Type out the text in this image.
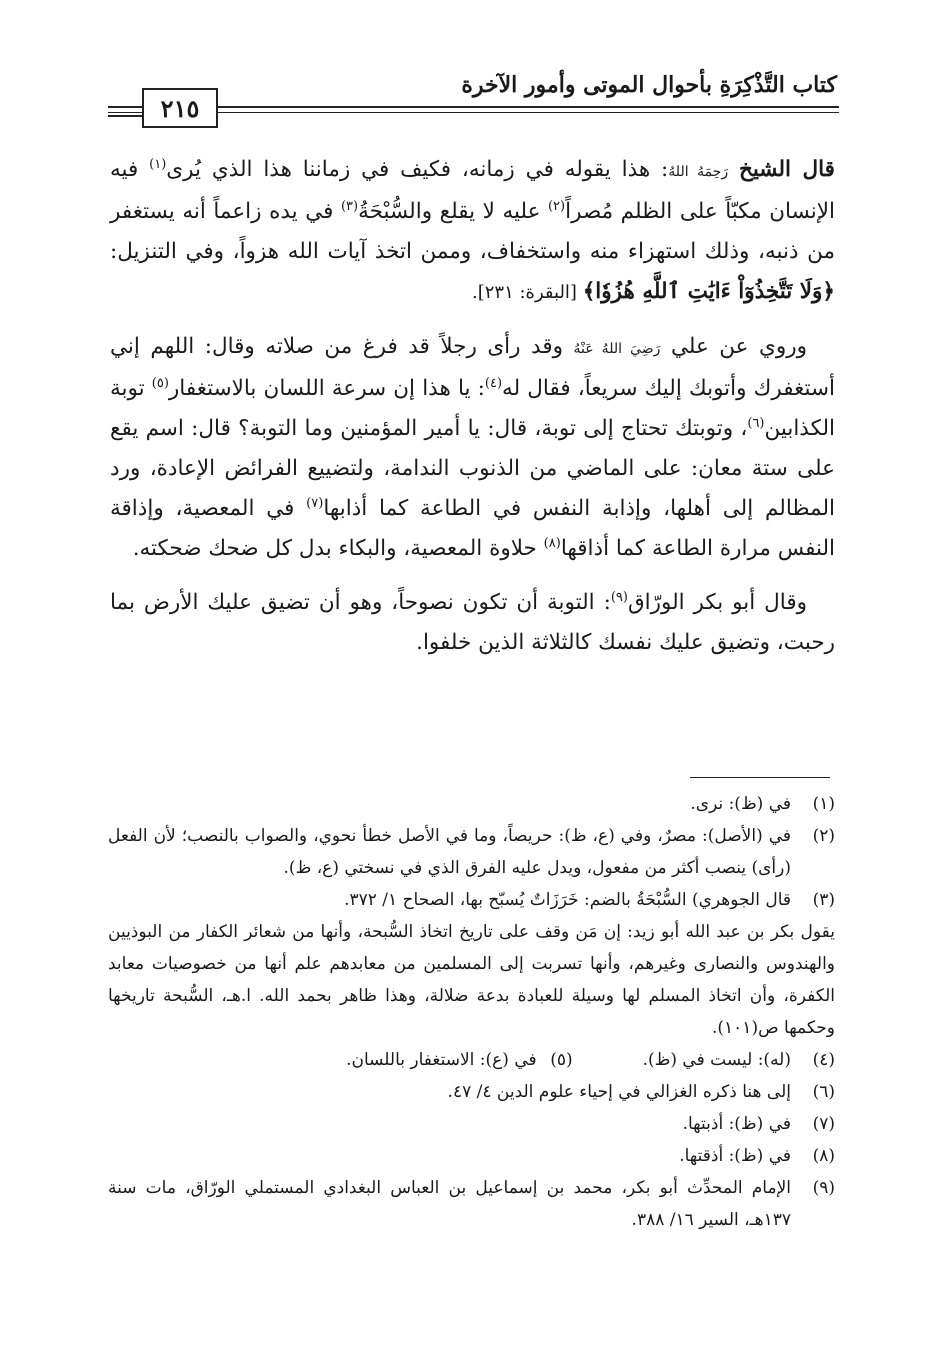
كتاب التَّذْكِرَةِ بأحوال الموتى وأمور الآخرة
٢١٥

قال الشيخ رَحِمَهُ اللهُ: هذا يقوله في زمانه، فكيف في زماننا هذا الذي يُرى$^{(١)}$ فيه الإنسان مكبّاً على الظلم مُصراً$^{(٢)}$ عليه لا يقلع والسُّبْحَةُ$^{(٣)}$ في يده زاعماً أنه يستغفر من ذنبه، وذلك استهزاء منه واستخفاف، وممن اتخذ آيات الله هزواً، وفي التنزيل: ﴿وَلَا تَتَّخِذُوٓاْ ءَايَٰتِ ٱللَّهِ هُزُوٗا﴾ [البقرة: ٢٣١].

وروي عن علي رَضِيَ اللهُ عَنْهُ وقد رأى رجلاً قد فرغ من صلاته وقال: اللهم إني أستغفرك وأتوبك إليك سريعاً، فقال له$^{(٤)}$: يا هذا إن سرعة اللسان بالاستغفار$^{(٥)}$ توبة الكذابين$^{(٦)}$، وتوبتك تحتاج إلى توبة، قال: يا أمير المؤمنين وما التوبة؟ قال: اسم يقع على ستة معان: على الماضي من الذنوب الندامة، ولتضييع الفرائض الإعادة، ورد المظالم إلى أهلها، وإذابة النفس في الطاعة كما أذابها$^{(٧)}$ في المعصية، وإذاقة النفس مرارة الطاعة كما أذاقها$^{(٨)}$ حلاوة المعصية، والبكاء بدل كل ضحك ضحكته.

وقال أبو بكر الورّاق$^{(٩)}$: التوبة أن تكون نصوحاً، وهو أن تضيق عليك الأرض بما رحبت، وتضيق عليك نفسك كالثلاثة الذين خلفوا.

(١)
في (ظ): نرى.
(٢)
في (الأصل): مصرٌ، وفي (ع، ظ): حريصاً، وما في الأصل خطأ نحوي، والصواب بالنصب؛ لأن الفعل (رأى) ينصب أكثر من مفعول، ويدل عليه الفرق الذي في نسختي (ع، ظ).
(٣)
قال الجوهري) السُّبْحَةُ بالضم: خَرَزَاتٌ يُسبّح بها، الصحاح ١/ ٣٧٢.

يقول بكر بن عبد الله أبو زيد: إن مَن وقف على تاريخ اتخاذ السُّبحة، وأنها من شعائر الكفار من البوذيين والهندوس والنصارى وغيرهم، وأنها تسربت إلى المسلمين من معابدهم علم أنها من خصوصيات معابد الكفرة، وأن اتخاذ المسلم لها وسيلة للعبادة بدعة ضلالة، وهذا ظاهر بحمد الله. ا.هـ، السُّبحة تاريخها وحكمها ص(١٠١).

(٤)
(له): ليست في (ظ).
(٥)
في (ع): الاستغفار باللسان.
(٦)
إلى هنا ذكره الغزالي في إحياء علوم الدين ٤/ ٤٧.
(٧)
في (ظ): أذبتها.
(٨)
في (ظ): أذقتها.
(٩)
الإمام المحدِّث أبو بكر، محمد بن إسماعيل بن العباس البغدادي المستملي الورّاق، مات سنة ١٣٧هـ، السير ١٦/ ٣٨٨.
